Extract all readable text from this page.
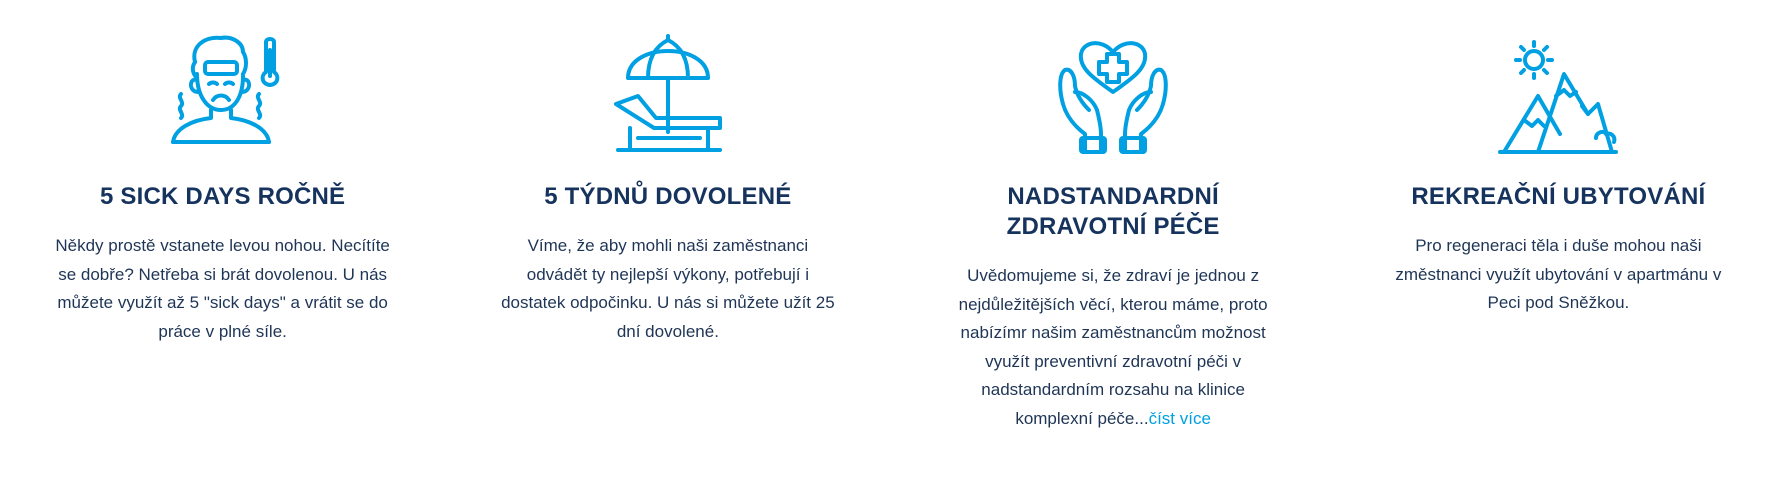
5 SICK DAYS ROČNĚ
Někdy prostě vstanete levou nohou. Necítíte se dobře? Netřeba si brát dovolenou. U nás můžete využít až 5 "sick days" a vrátit se do práce v plné síle.
5 TÝDNŮ DOVOLENÉ
Víme, že aby mohli naši zaměstnanci odvádět ty nejlepší výkony, potřebují i dostatek odpočinku. U nás si můžete užít 25 dní dovolené.
NADSTANDARDNÍ ZDRAVOTNÍ PÉČE
Uvědomujeme si, že zdraví je jednou z nejdůležitějších věcí, kterou máme, proto nabízímr našim zaměstnancům možnost využít preventivní zdravotní péči v nadstandardním rozsahu na klinice komplexní péče...číst více
REKREAČNÍ UBYTOVÁNÍ
Pro regeneraci těla i duše mohou naši změstnanci využít ubytování v apartmánu v Peci pod Sněžkou.
